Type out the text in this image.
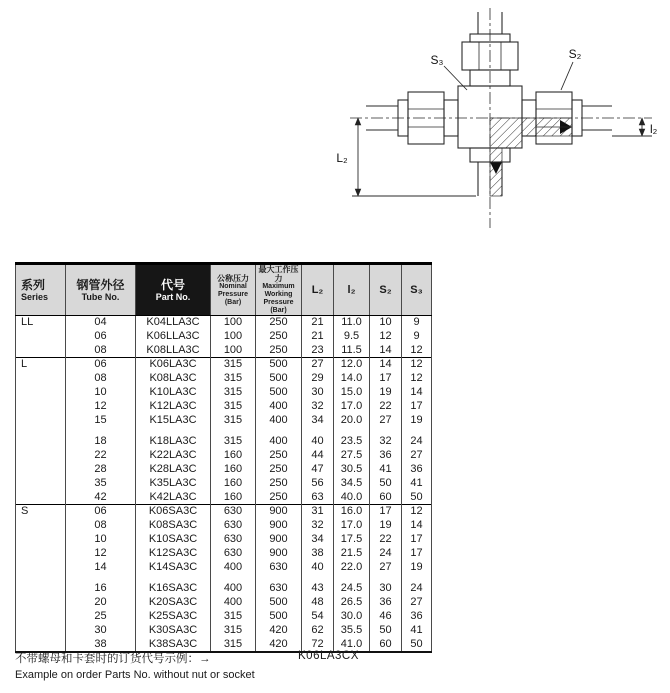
S₃	S₂
L₂
l₂
系列
Series

钢管外径
Tube No.

代号
Part No.

公称压力
Nominal
Pressure (Bar)

最大工作压力
Maximum Working
Pressure (Bar)
	L₂	l₂	S₂	S₃
LL	04	K04LLA3C	100	250	21	11.0	10	9
	06	K06LLA3C	100	250	21	9.5	12	9
	08	K08LLA3C	100	250	23	11.5	14	12
L	06	K06LA3C	315	500	27	12.0	14	12
	08	K08LA3C	315	500	29	14.0	17	12
	10	K10LA3C	315	500	30	15.0	19	14
	12	K12LA3C	315	400	32	17.0	22	17
	15	K15LA3C	315	400	34	20.0	27	19

	18	K18LA3C	315	400	40	23.5	32	24
	22	K22LA3C	160	250	44	27.5	36	27
	28	K28LA3C	160	250	47	30.5	41	36
	35	K35LA3C	160	250	56	34.5	50	41
	42	K42LA3C	160	250	63	40.0	60	50
S	06	K06SA3C	630	900	31	16.0	17	12
	08	K08SA3C	630	900	32	17.0	19	14
	10	K10SA3C	630	900	34	17.5	22	17
	12	K12SA3C	630	900	38	21.5	24	17
	14	K14SA3C	400	630	40	22.0	27	19

	16	K16SA3C	400	630	43	24.5	30	24
	20	K20SA3C	400	500	48	26.5	36	27
	25	K25SA3C	315	500	54	30.0	46	36
	30	K30SA3C	315	420	62	35.5	50	41
	38	K38SA3C	315	420	72	41.0	60	50
不带螺母和卡套时的订货代号示例：→	K06LA3CX
Example on order Parts No. without nut or socket
